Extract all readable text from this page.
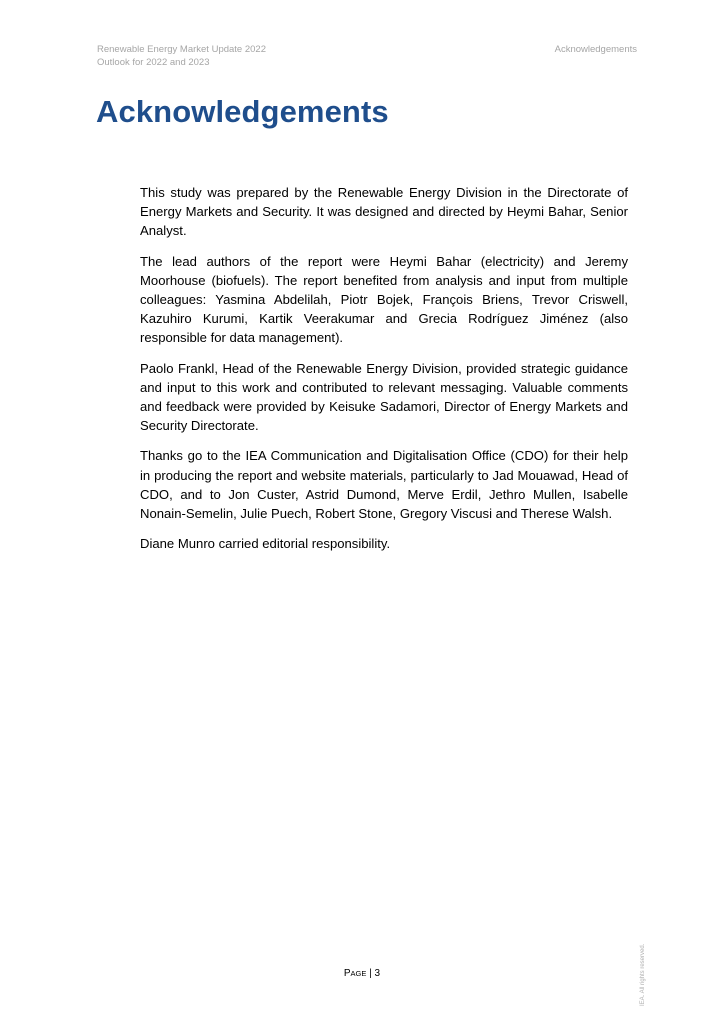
Renewable Energy Market Update 2022
Outlook for 2022 and 2023
Acknowledgements
Acknowledgements

This study was prepared by the Renewable Energy Division in the Directorate of Energy Markets and Security. It was designed and directed by Heymi Bahar, Senior Analyst.

The lead authors of the report were Heymi Bahar (electricity) and Jeremy Moorhouse (biofuels). The report benefited from analysis and input from multiple colleagues: Yasmina Abdelilah, Piotr Bojek, François Briens, Trevor Criswell, Kazuhiro Kurumi, Kartik Veerakumar and Grecia Rodríguez Jiménez (also responsible for data management).

Paolo Frankl, Head of the Renewable Energy Division, provided strategic guidance and input to this work and contributed to relevant messaging. Valuable comments and feedback were provided by Keisuke Sadamori, Director of Energy Markets and Security Directorate.

Thanks go to the IEA Communication and Digitalisation Office (CDO) for their help in producing the report and website materials, particularly to Jad Mouawad, Head of CDO, and to Jon Custer, Astrid Dumond, Merve Erdil, Jethro Mullen, Isabelle Nonain-Semelin, Julie Puech, Robert Stone, Gregory Viscusi and Therese Walsh.

Diane Munro carried editorial responsibility.

PAGE | 3	IEA. All rights reserved.
